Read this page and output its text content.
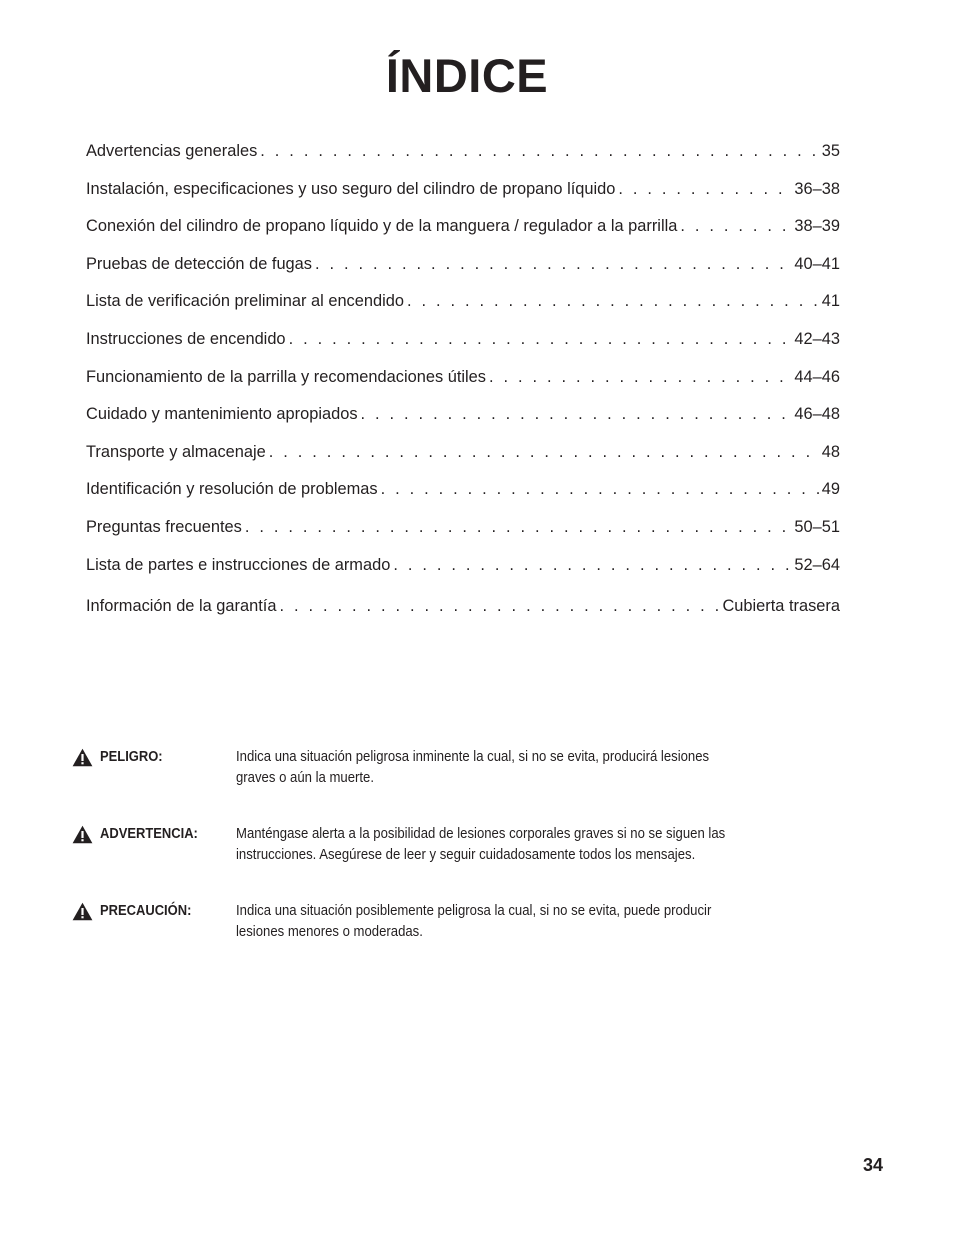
ÍNDICE
Advertencias generales . . .	35
Instalación, especificaciones y uso seguro del cilindro de propano líquido . . .	36–38
Conexión del cilindro de propano líquido y de la manguera / regulador a la parrilla . . .	38–39
Pruebas de detección de fugas . . .	40–41
Lista de verificación preliminar al encendido . . .	41
Instrucciones de encendido . . .	42–43
Funcionamiento de la parrilla y recomendaciones útiles . . .	44–46
Cuidado y mantenimiento apropiados . . .	46–48
Transporte y almacenaje . . .	48
Identificación y resolución de problemas . . .	49
Preguntas frecuentes . . .	50–51
Lista de partes e instrucciones de armado . . .	52–64
Información de la garantía . . .	Cubierta trasera
PELIGRO:	Indica una situación peligrosa inminente la cual, si no se evita, producirá lesiones graves o aún la muerte.
ADVERTENCIA:	Manténgase alerta a la posibilidad de lesiones corporales graves si no se siguen las instrucciones. Asegúrese de leer y seguir cuidadosamente todos los mensajes.
PRECAUCIÓN:	Indica una situación posiblemente peligrosa la cual, si no se evita, puede producir lesiones menores o moderadas.
34
